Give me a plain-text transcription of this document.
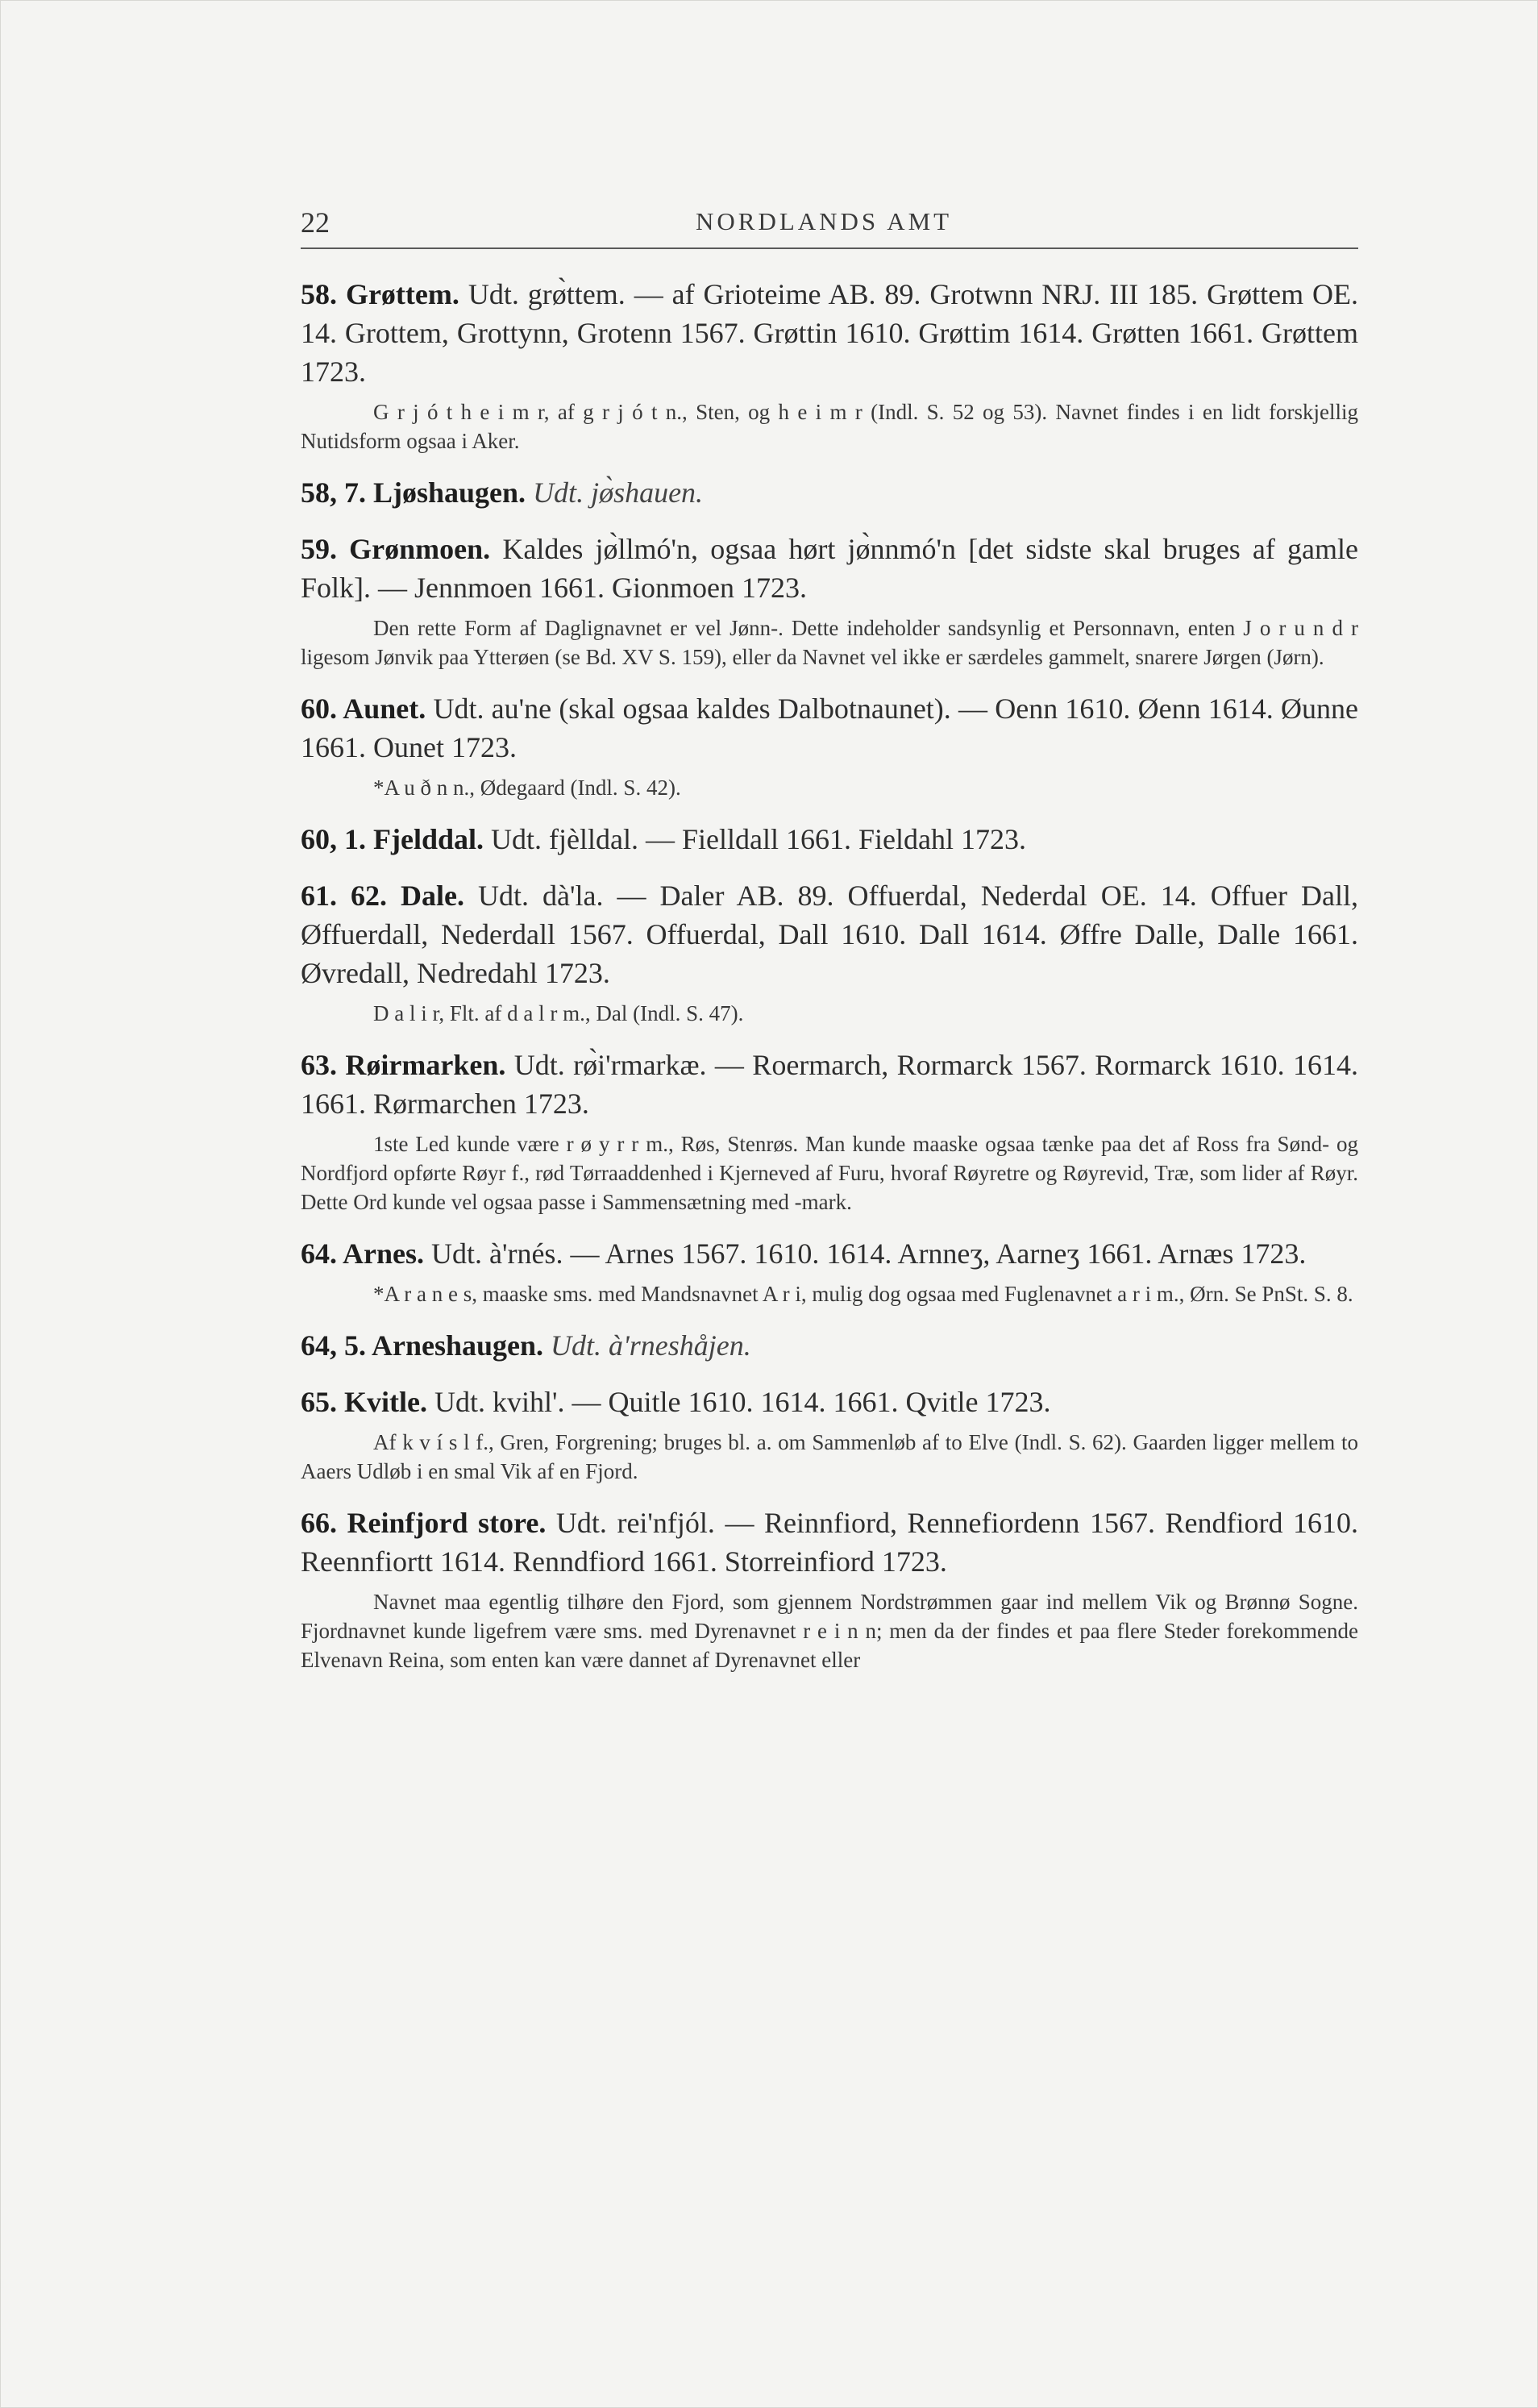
22	NORDLANDS AMT

58. Grøttem. Udt. grø̀ttem. — af Grioteime AB. 89. Grotwnn NRJ. III 185. Grøttem OE. 14. Grottem, Grottynn, Grotenn 1567. Grøttin 1610. Grøttim 1614. Grøtten 1661. Grøttem 1723.

G r j ó t h e i m r, af g r j ó t n., Sten, og h e i m r (Indl. S. 52 og 53). Navnet findes i en lidt forskjellig Nutidsform ogsaa i Aker.

58, 7. Ljøshaugen. Udt. jø̀shauen.

59. Grønmoen. Kaldes jø̀llmó'n, ogsaa hørt jø̀nnmó'n [det sidste skal bruges af gamle Folk]. — Jennmoen 1661. Gionmoen 1723.

Den rette Form af Daglignavnet er vel Jønn-. Dette indeholder sandsynlig et Personnavn, enten J o r u n d r ligesom Jønvik paa Ytterøen (se Bd. XV S. 159), eller da Navnet vel ikke er særdeles gammelt, snarere Jørgen (Jørn).

60. Aunet. Udt. au'ne (skal ogsaa kaldes Dalbotnaunet). — Oenn 1610. Øenn 1614. Øunne 1661. Ounet 1723.

*A u ð n n., Ødegaard (Indl. S. 42).

60, 1. Fjelddal. Udt. fjèlldal. — Fielldall 1661. Fieldahl 1723.

61. 62. Dale. Udt. dà'la. — Daler AB. 89. Offuerdal, Nederdal OE. 14. Offuer Dall, Øffuerdall, Nederdall 1567. Offuerdal, Dall 1610. Dall 1614. Øffre Dalle, Dalle 1661. Øvredall, Nedredahl 1723.

D a l i r, Flt. af d a l r m., Dal (Indl. S. 47).

63. Røirmarken. Udt. rø̀i'rmarkæ. — Roermarch, Rormarck 1567. Rormarck 1610. 1614. 1661. Rørmarchen 1723.

1ste Led kunde være r ø y r r m., Røs, Stenrøs. Man kunde maaske ogsaa tænke paa det af Ross fra Sønd- og Nordfjord opførte Røyr f., rød Tørraaddenhed i Kjerneved af Furu, hvoraf Røyretre og Røyrevid, Træ, som lider af Røyr. Dette Ord kunde vel ogsaa passe i Sammensætning med -mark.

64. Arnes. Udt. à'rnés. — Arnes 1567. 1610. 1614. Arnneʒ, Aarneʒ 1661. Arnæs 1723.

*A r a n e s, maaske sms. med Mandsnavnet A r i, mulig dog ogsaa med Fuglenavnet a r i m., Ørn. Se PnSt. S. 8.

64, 5. Arneshaugen. Udt. à'rneshåjen.

65. Kvitle. Udt. kvihl'. — Quitle 1610. 1614. 1661. Qvitle 1723.

Af k v í s l f., Gren, Forgrening; bruges bl. a. om Sammenløb af to Elve (Indl. S. 62). Gaarden ligger mellem to Aaers Udløb i en smal Vik af en Fjord.

66. Reinfjord store. Udt. rei'nfjól. — Reinnfiord, Rennefiordenn 1567. Rendfiord 1610. Reennfiortt 1614. Renndfiord 1661. Storreinfiord 1723.

Navnet maa egentlig tilhøre den Fjord, som gjennem Nordstrømmen gaar ind mellem Vik og Brønnø Sogne. Fjordnavnet kunde ligefrem være sms. med Dyrenavnet r e i n n; men da der findes et paa flere Steder forekommende Elvenavn Reina, som enten kan være dannet af Dyrenavnet eller
